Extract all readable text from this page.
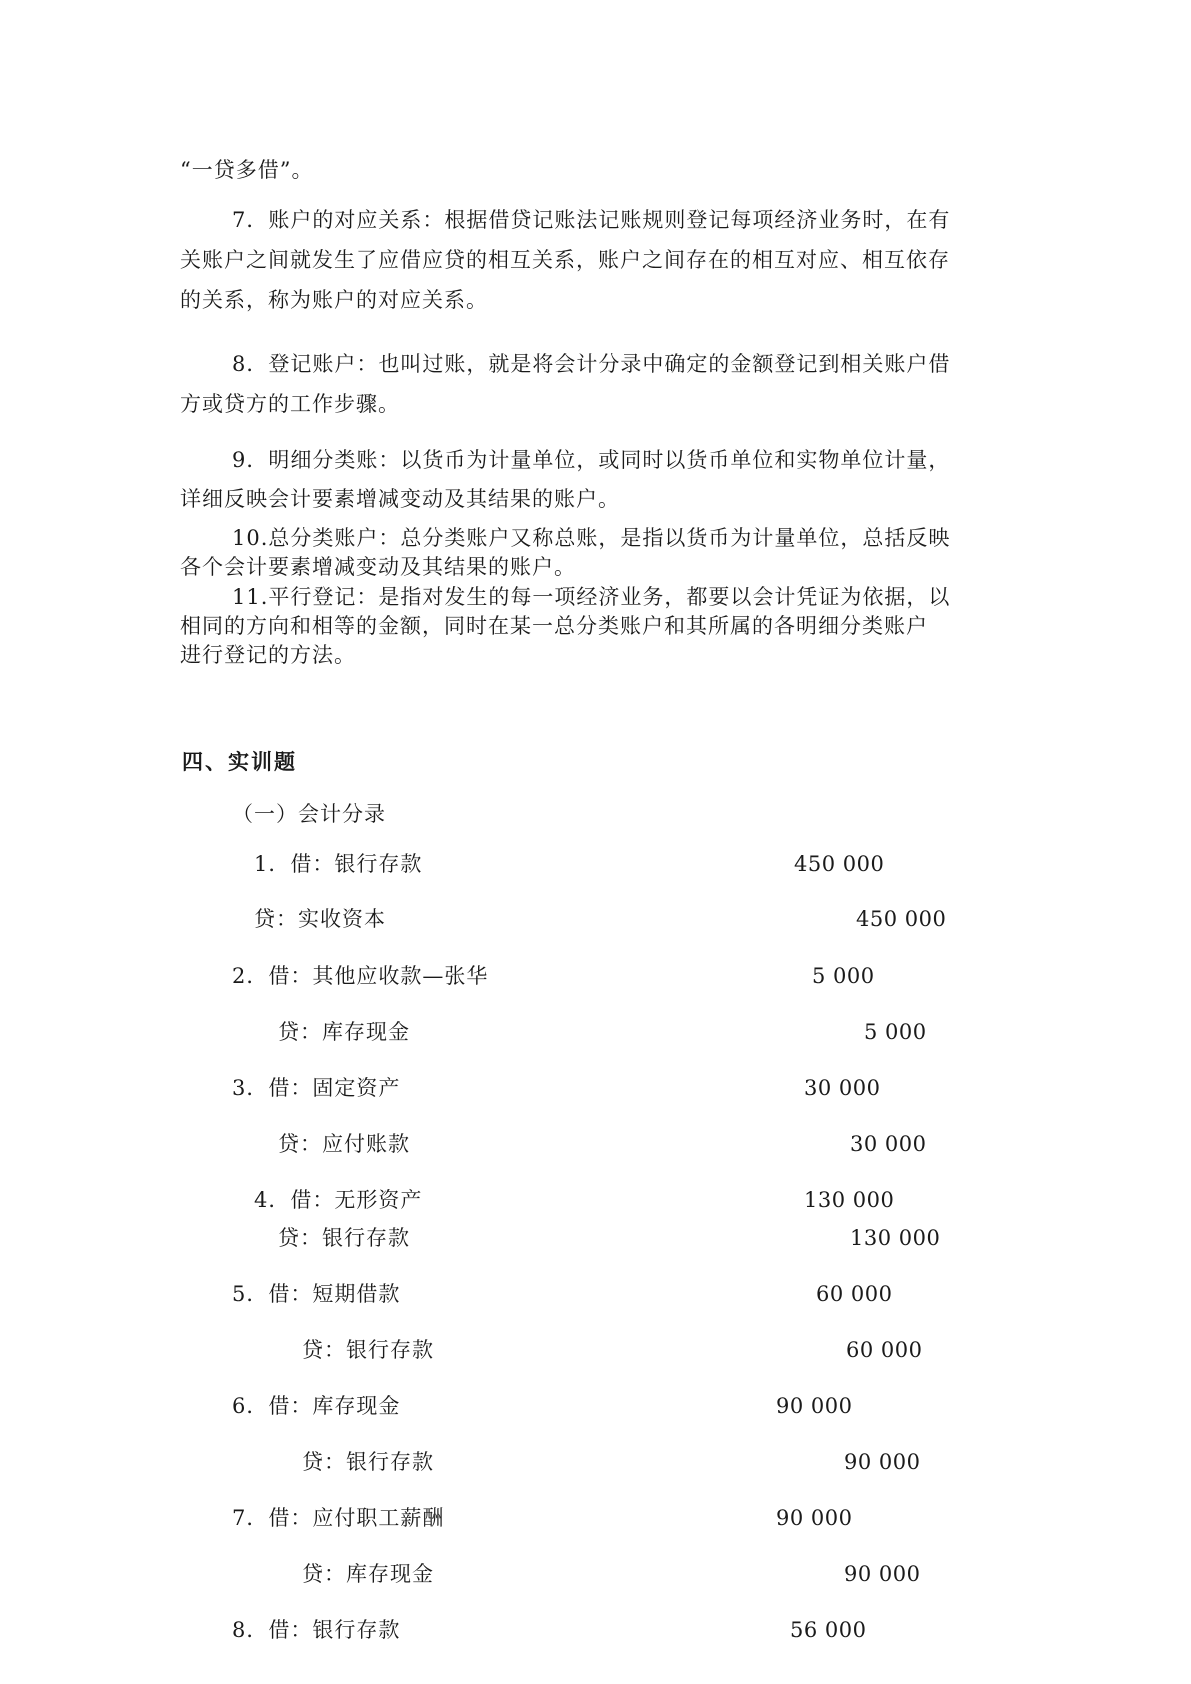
“一贷多借”。
7．账户的对应关系：根据借贷记账法记账规则登记每项经济业务时，在有
关账户之间就发生了应借应贷的相互关系，账户之间存在的相互对应、相互依存
的关系，称为账户的对应关系。
8．登记账户：也叫过账，就是将会计分录中确定的金额登记到相关账户借
方或贷方的工作步骤。
9．明细分类账：以货币为计量单位，或同时以货币单位和实物单位计量，
详细反映会计要素增减变动及其结果的账户。
10.总分类账户：总分类账户又称总账，是指以货币为计量单位，总括反映
各个会计要素增减变动及其结果的账户。
11.平行登记：是指对发生的每一项经济业务，都要以会计凭证为依据，以
相同的方向和相等的金额，同时在某一总分类账户和其所属的各明细分类账户
进行登记的方法。
四、实训题
（一）会计分录
1．借：银行存款	450 000
贷：实收资本	450 000
2．借：其他应收款—张华	5 000
贷：库存现金	5 000
3．借：固定资产	30 000
贷：应付账款	30 000
4．借：无形资产	130 000
贷：银行存款	130 000
5．借：短期借款	60 000
贷：银行存款	60 000
6．借：库存现金	90 000
贷：银行存款	90 000
7．借：应付职工薪酬	90 000
贷：库存现金	90 000
8．借：银行存款	56 000
